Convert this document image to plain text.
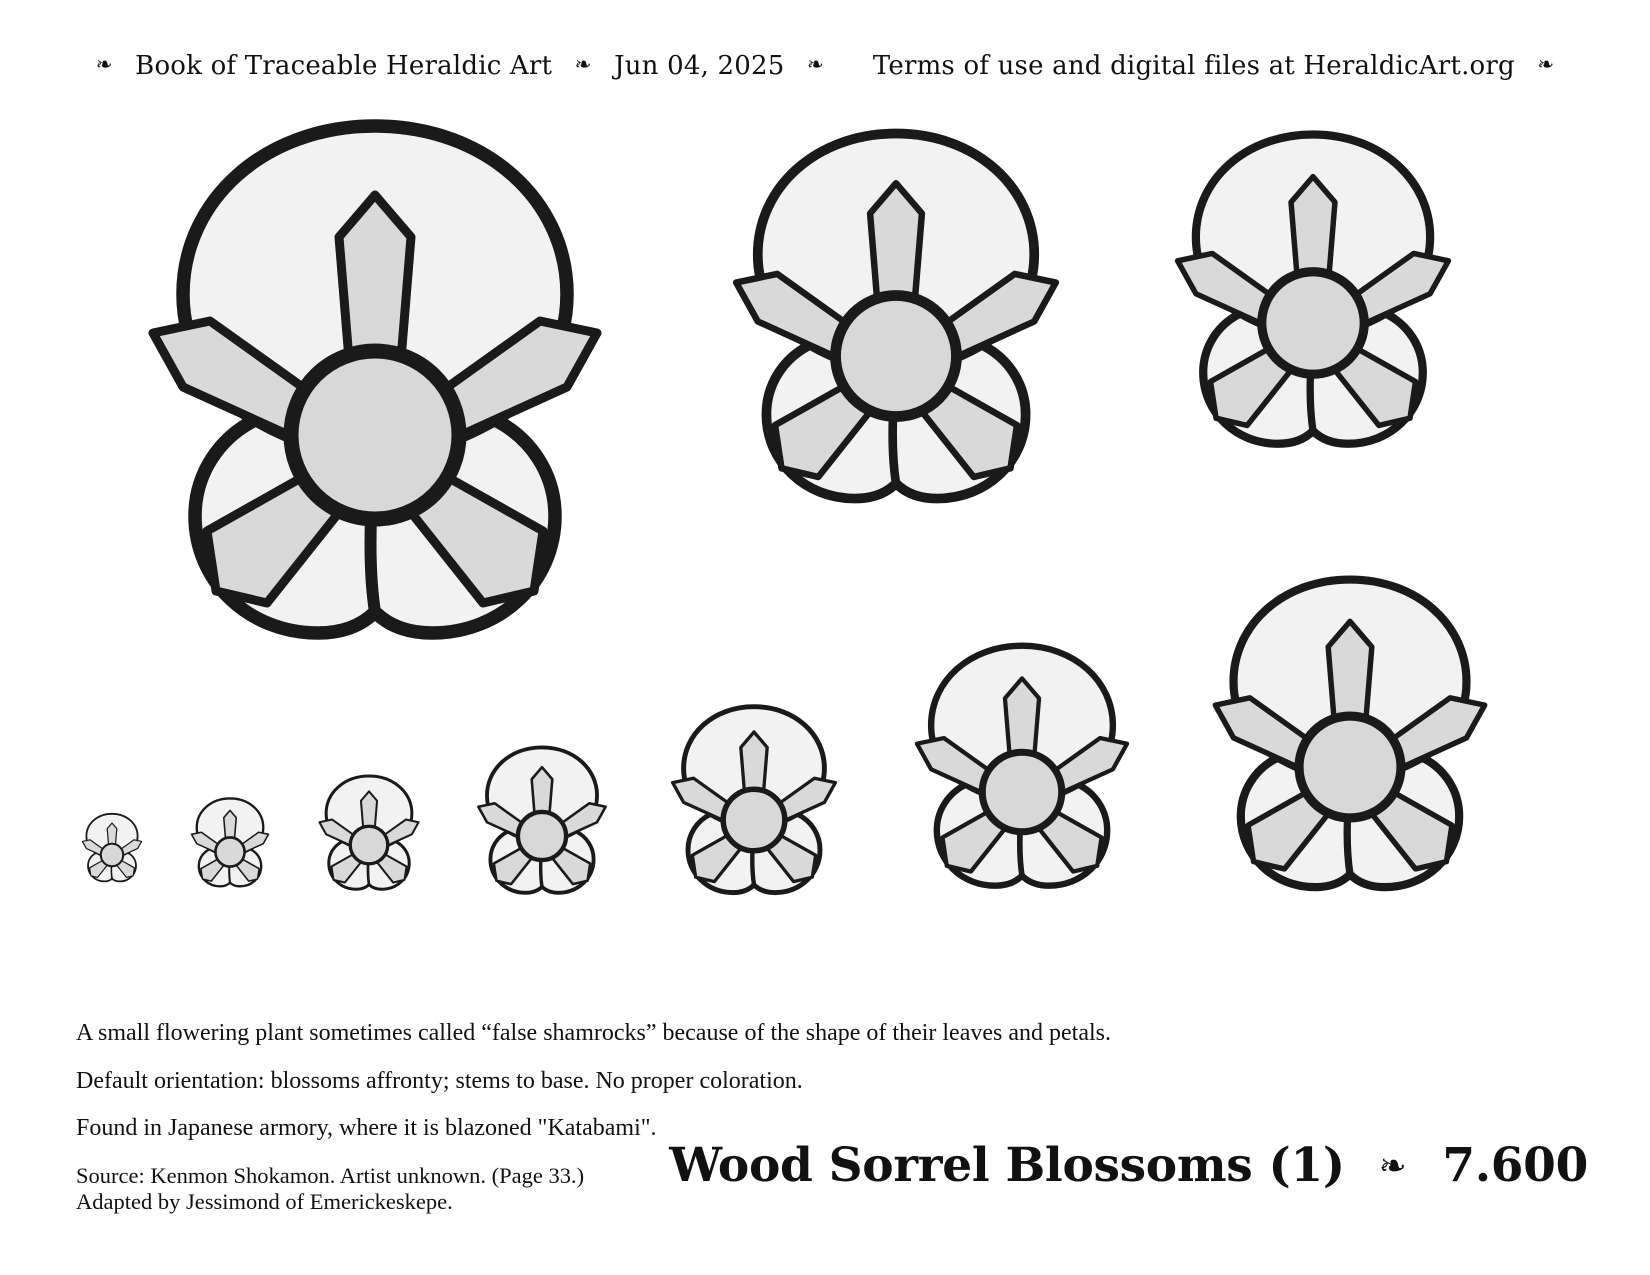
❧ Book of Traceable Heraldic Art ❧ Jun 04, 2025 ❧ Terms of use and digital files at HeraldicArt.org ❧

A small flowering plant sometimes called “false shamrocks” because of the shape of their leaves and petals.

Default orientation: blossoms affronty; stems to base. No proper coloration.

Found in Japanese armory, where it is blazoned "Katabami".

Source: Kenmon Shokamon. Artist unknown. (Page 33.)

Adapted by Jessimond of Emerickeskepe.

Wood Sorrel Blossoms (1) ❧ 7.600
